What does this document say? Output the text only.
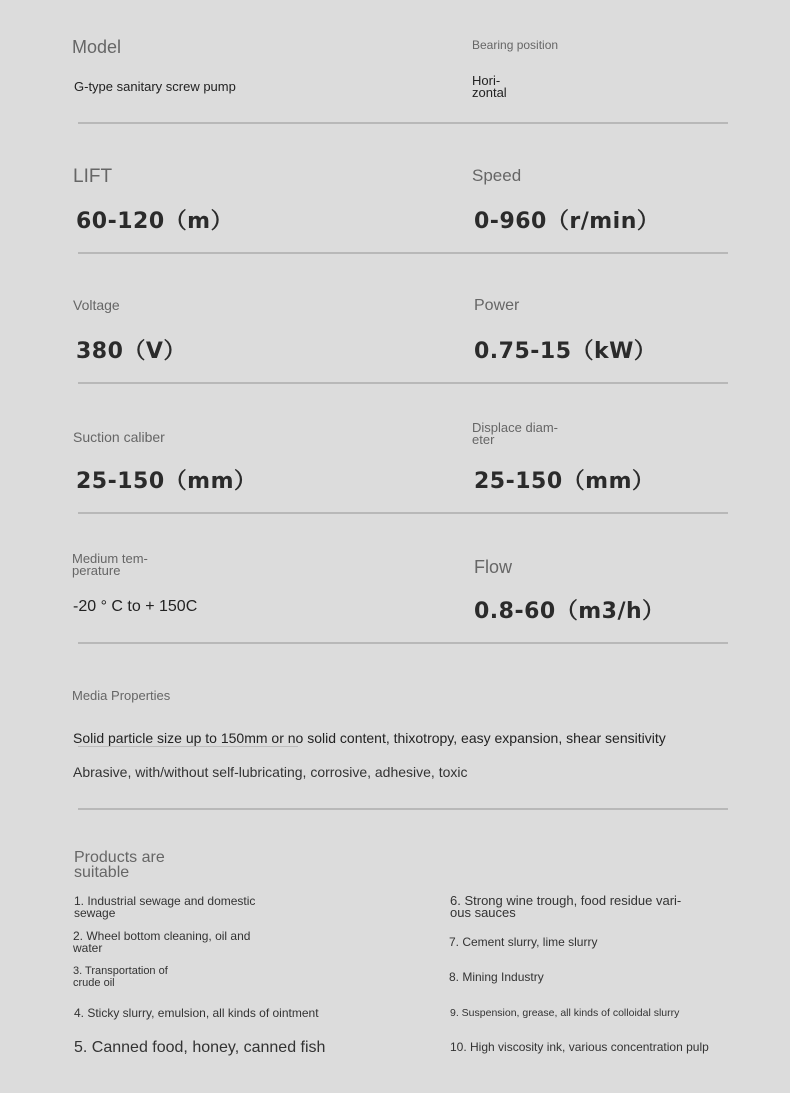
Model
G-type sanitary screw pump
Bearing position
Hori-
zontal
LIFT
60-120（m）
Speed
0-960（r/min）
Voltage
380（V）
Power
0.75-15（kW）
Suction caliber
25-150（mm）
Displace diam-
eter
25-150（mm）
Medium tem-
perature
-20 ° C to + 150C
Flow
0.8-60（m3/h）
Media Properties
Solid particle size up to 150mm or no solid content, thixotropy, easy expansion, shear sensitivity
Abrasive, with/without self-lubricating, corrosive, adhesive, toxic
Products are
suitable
1. Industrial sewage and domestic
sewage
2. Wheel bottom cleaning, oil and
water
3. Transportation of
crude oil
4. Sticky slurry, emulsion, all kinds of ointment
5. Canned food, honey, canned fish
6. Strong wine trough, food residue vari-
ous sauces
7. Cement slurry, lime slurry
8. Mining Industry
9. Suspension, grease, all kinds of colloidal slurry
10. High viscosity ink, various concentration pulp
